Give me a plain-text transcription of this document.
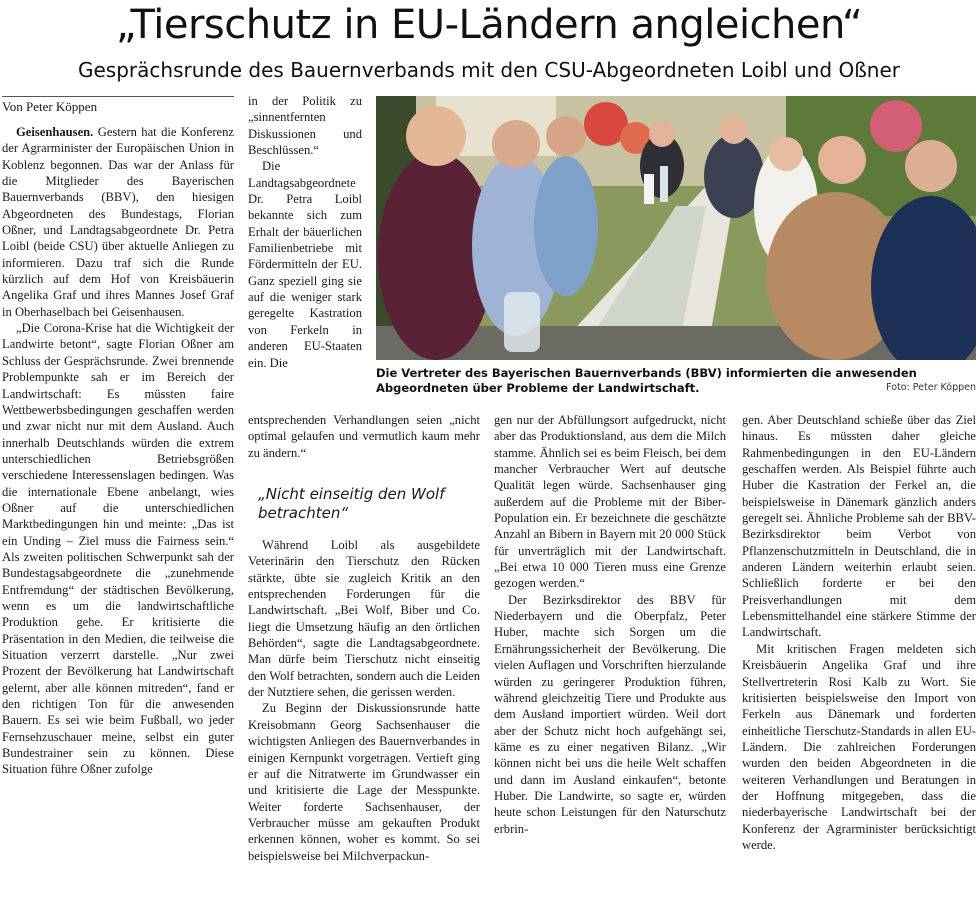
„Tierschutz in EU-Ländern angleichen“
Gesprächsrunde des Bauernverbands mit den CSU-Abgeordneten Loibl und Oßner
Von Peter Köppen

Geisenhausen. Gestern hat die Konferenz der Agrarminister der Europäischen Union in Koblenz begonnen. Das war der Anlass für die Mitglieder des Bayerischen Bauernverbands (BBV), den hiesigen Abgeordneten des Bundestags, Florian Oßner, und Landtagsabgeordnete Dr. Petra Loibl (beide CSU) über aktuelle Anliegen zu informieren. Dazu traf sich die Runde kürzlich auf dem Hof von Kreisbäuerin Angelika Graf und ihres Mannes Josef Graf in Oberhaselbach bei Geisenhausen.

„Die Corona-Krise hat die Wichtigkeit der Landwirte betont“, sagte Florian Oßner am Schluss der Gesprächsrunde. Zwei brennende Problempunkte sah er im Bereich der Landwirtschaft: Es müssten faire Wettbewerbsbedingungen geschaffen werden und zwar nicht nur mit dem Ausland. Auch innerhalb Deutschlands würden die extrem unterschiedlichen Betriebsgrößen verschiedene Interessenslagen bedingen. Was die internationale Ebene anbelangt, wies Oßner auf die unterschiedlichen Marktbedingungen hin und meinte: „Das ist ein Unding – Ziel muss die Fairness sein.“ Als zweiten politischen Schwerpunkt sah der Bundestagsabgeordnete die „zunehmende Entfremdung“ der städtischen Bevölkerung, wenn es um die landwirtschaftliche Produktion gehe. Er kritisierte die Präsentation in den Medien, die teilweise die Situation verzerrt darstelle. „Nur zwei Prozent der Bevölkerung hat Landwirtschaft gelernt, aber alle können mitreden“, fand er den richtigen Ton für die anwesenden Bauern. Es sei wie beim Fußball, wo jeder Fernsehzuschauer meine, selbst ein guter Bundestrainer sein zu können. Diese Situation führe Oßner zufolge

in der Politik zu „sinnentfernten Diskussionen und Beschlüssen.“

Die Landtagsabgeordnete Dr. Petra Loibl bekannte sich zum Erhalt der bäuerlichen Familienbetriebe mit Fördermitteln der EU. Ganz speziell ging sie auf die weniger stark geregelte Kastration von Ferkeln in anderen EU-Staaten ein. Die

Die Vertreter des Bayerischen Bauernverbands (BBV) informierten die anwesenden Abgeordneten über Probleme der Landwirtschaft.	Foto: Peter Köppen

entsprechenden Verhandlungen seien „nicht optimal gelaufen und vermutlich kaum mehr zu ändern.“

„Nicht einseitig den Wolf betrachten“

Während Loibl als ausgebildete Veterinärin den Tierschutz den Rücken stärkte, übte sie zugleich Kritik an den entsprechenden Forderungen für die Landwirtschaft. „Bei Wolf, Biber und Co. liegt die Umsetzung häufig an den örtlichen Behörden“, sagte die Landtagsabgeordnete. Man dürfe beim Tierschutz nicht einseitig den Wolf betrachten, sondern auch die Leiden der Nutztiere sehen, die gerissen werden.

Zu Beginn der Diskussionsrunde hatte Kreisobmann Georg Sachsenhauser die wichtigsten Anliegen des Bauernverbandes in einigen Kernpunkt vorgetragen. Vertieft ging er auf die Nitratwerte im Grundwasser ein und kritisierte die Lage der Messpunkte. Weiter forderte Sachsenhauser, der Verbraucher müsse am gekauften Produkt erkennen können, woher es kommt. So sei beispielsweise bei Milchverpackun-

gen nur der Abfüllungsort aufgedruckt, nicht aber das Produktionsland, aus dem die Milch stamme. Ähnlich sei es beim Fleisch, bei dem mancher Verbraucher Wert auf deutsche Qualität legen würde. Sachsenhauser ging außerdem auf die Probleme mit der Biber-Population ein. Er bezeichnete die geschätzte Anzahl an Bibern in Bayern mit 20 000 Stück für unverträglich mit der Landwirtschaft. „Bei etwa 10 000 Tieren muss eine Grenze gezogen werden.“

Der Bezirksdirektor des BBV für Niederbayern und die Oberpfalz, Peter Huber, machte sich Sorgen um die Ernährungssicherheit der Bevölkerung. Die vielen Auflagen und Vorschriften hierzulande würden zu geringerer Produktion führen, während gleichzeitig Tiere und Produkte aus dem Ausland importiert würden. Weil dort aber der Schutz nicht hoch aufgehängt sei, käme es zu einer negativen Bilanz. „Wir können nicht bei uns die heile Welt schaffen und dann im Ausland einkaufen“, betonte Huber. Die Landwirte, so sagte er, würden heute schon Leistungen für den Naturschutz erbrin-

gen. Aber Deutschland schieße über das Ziel hinaus. Es müssten daher gleiche Rahmenbedingungen in den EU-Ländern geschaffen werden. Als Beispiel führte auch Huber die Kastration der Ferkel an, die beispielsweise in Dänemark gänzlich anders geregelt sei. Ähnliche Probleme sah der BBV-Bezirksdirektor beim Verbot von Pflanzenschutzmitteln in Deutschland, die in anderen Ländern weiterhin erlaubt seien. Schließlich forderte er bei den Preisverhandlungen mit dem Lebensmittelhandel eine stärkere Stimme der Landwirtschaft.

Mit kritischen Fragen meldeten sich Kreisbäuerin Angelika Graf und ihre Stellvertreterin Rosi Kalb zu Wort. Sie kritisierten beispielsweise den Import von Ferkeln aus Dänemark und forderten einheitliche Tierschutz-Standards in allen EU-Ländern. Die zahlreichen Forderungen wurden den beiden Abgeordneten in die weiteren Verhandlungen und Beratungen in der Hoffnung mitgegeben, dass die niederbayerische Landwirtschaft bei der Konferenz der Agrarminister berücksichtigt werde.
